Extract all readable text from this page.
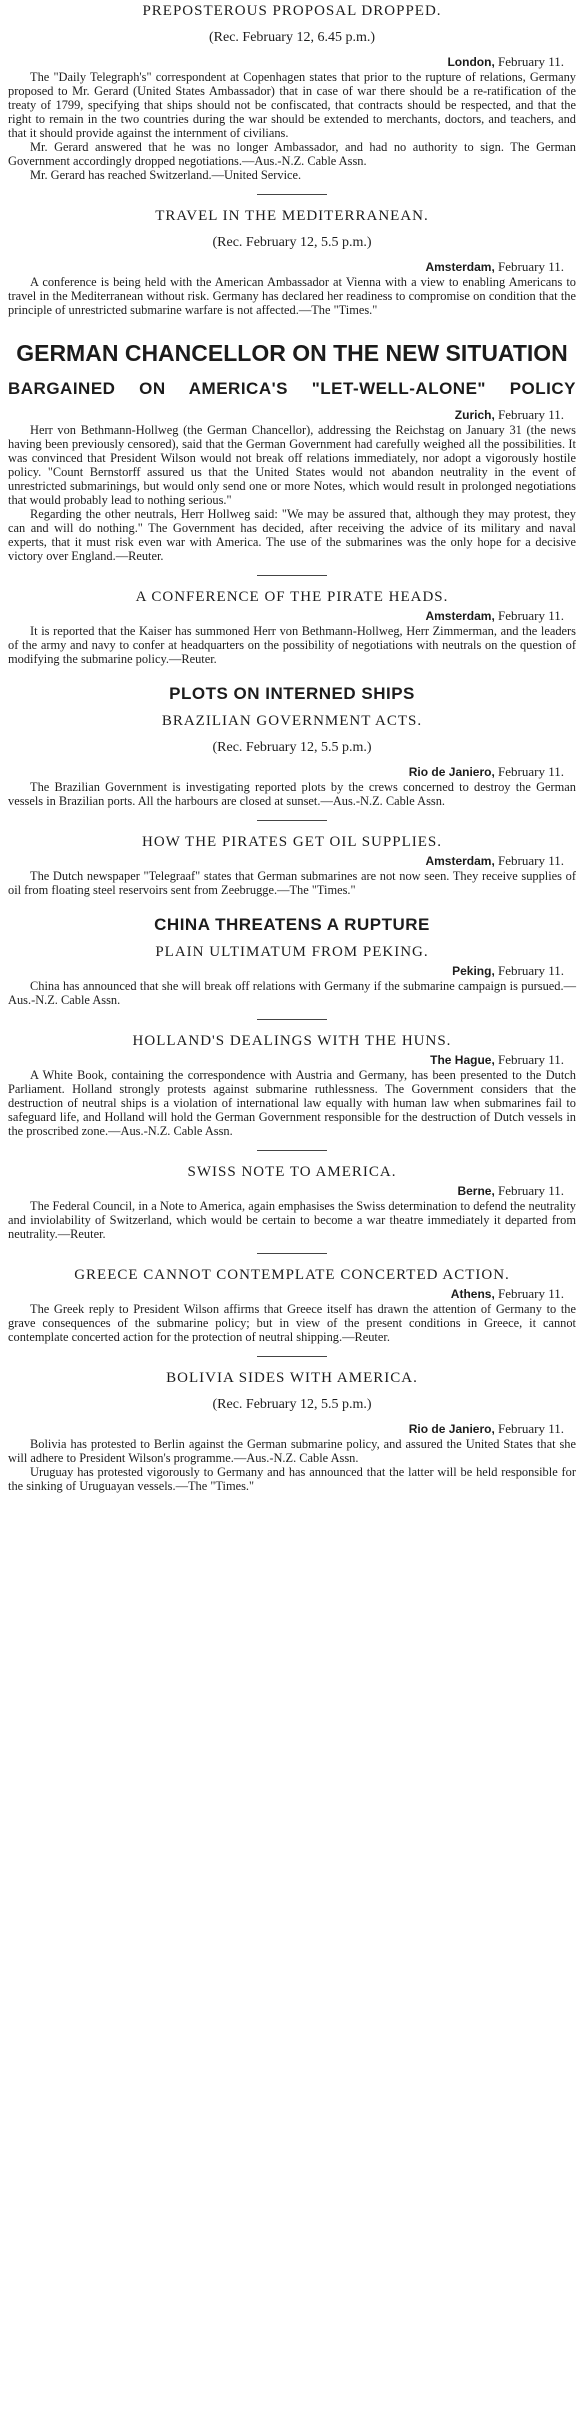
PREPOSTEROUS PROPOSAL DROPPED.
(Rec. February 12, 6.45 p.m.)
London, February 11.

The "Daily Telegraph's" correspondent at Copenhagen states that prior to the rupture of relations, Germany proposed to Mr. Gerard (United States Ambassador) that in case of war there should be a re-ratification of the treaty of 1799, specifying that ships should not be confiscated, that contracts should be respected, and that the right to remain in the two countries during the war should be extended to merchants, doctors, and teachers, and that it should provide against the internment of civilians.

Mr. Gerard answered that he was no longer Ambassador, and had no authority to sign. The German Government accordingly dropped negotiations.—Aus.-N.Z. Cable Assn.

Mr. Gerard has reached Switzerland.—United Service.

TRAVEL IN THE MEDITERRANEAN.
(Rec. February 12, 5.5 p.m.)
Amsterdam, February 11.

A conference is being held with the American Ambassador at Vienna with a view to enabling Americans to travel in the Mediterranean without risk. Germany has declared her readiness to compromise on condition that the principle of unrestricted submarine warfare is not affected.—The "Times."

GERMAN CHANCELLOR ON THE NEW SITUATION
BARGAINED ON AMERICA'S "LET-WELL-ALONE" POLICY
Zurich, February 11.

Herr von Bethmann-Hollweg (the German Chancellor), addressing the Reichstag on January 31 (the news having been previously censored), said that the German Government had carefully weighed all the possibilities. It was convinced that President Wilson would not break off relations immediately, nor adopt a vigorously hostile policy. "Count Bernstorff assured us that the United States would not abandon neutrality in the event of unrestricted submarinings, but would only send one or more Notes, which would result in prolonged negotiations that would probably lead to nothing serious."

Regarding the other neutrals, Herr Hollweg said: "We may be assured that, although they may protest, they can and will do nothing." The Government has decided, after receiving the advice of its military and naval experts, that it must risk even war with America. The use of the submarines was the only hope for a decisive victory over England.—Reuter.

A CONFERENCE OF THE PIRATE HEADS.
Amsterdam, February 11.

It is reported that the Kaiser has summoned Herr von Bethmann-Hollweg, Herr Zimmerman, and the leaders of the army and navy to confer at headquarters on the possibility of negotiations with neutrals on the question of modifying the submarine policy.—Reuter.

PLOTS ON INTERNED SHIPS
BRAZILIAN GOVERNMENT ACTS.
(Rec. February 12, 5.5 p.m.)
Rio de Janiero, February 11.

The Brazilian Government is investigating reported plots by the crews concerned to destroy the German vessels in Brazilian ports. All the harbours are closed at sunset.—Aus.-N.Z. Cable Assn.

HOW THE PIRATES GET OIL SUPPLIES.
Amsterdam, February 11.

The Dutch newspaper "Telegraaf" states that German submarines are not now seen. They receive supplies of oil from floating steel reservoirs sent from Zeebrugge.—The "Times."

CHINA THREATENS A RUPTURE
PLAIN ULTIMATUM FROM PEKING.
Peking, February 11.

China has announced that she will break off relations with Germany if the submarine campaign is pursued.—Aus.-N.Z. Cable Assn.

HOLLAND'S DEALINGS WITH THE HUNS.
The Hague, February 11.

A White Book, containing the correspondence with Austria and Germany, has been presented to the Dutch Parliament. Holland strongly protests against submarine ruthlessness. The Government considers that the destruction of neutral ships is a violation of international law equally with human law when submarines fail to safeguard life, and Holland will hold the German Government responsible for the destruction of Dutch vessels in the proscribed zone.—Aus.-N.Z. Cable Assn.

SWISS NOTE TO AMERICA.
Berne, February 11.

The Federal Council, in a Note to America, again emphasises the Swiss determination to defend the neutrality and inviolability of Switzerland, which would be certain to become a war theatre immediately it departed from neutrality.—Reuter.

GREECE CANNOT CONTEMPLATE CONCERTED ACTION.
Athens, February 11.

The Greek reply to President Wilson affirms that Greece itself has drawn the attention of Germany to the grave consequences of the submarine policy; but in view of the present conditions in Greece, it cannot contemplate concerted action for the protection of neutral shipping.—Reuter.

BOLIVIA SIDES WITH AMERICA.
(Rec. February 12, 5.5 p.m.)
Rio de Janiero, February 11.

Bolivia has protested to Berlin against the German submarine policy, and assured the United States that she will adhere to President Wilson's programme.—Aus.-N.Z. Cable Assn.

Uruguay has protested vigorously to Germany and has announced that the latter will be held responsible for the sinking of Uruguayan vessels.—The "Times."
